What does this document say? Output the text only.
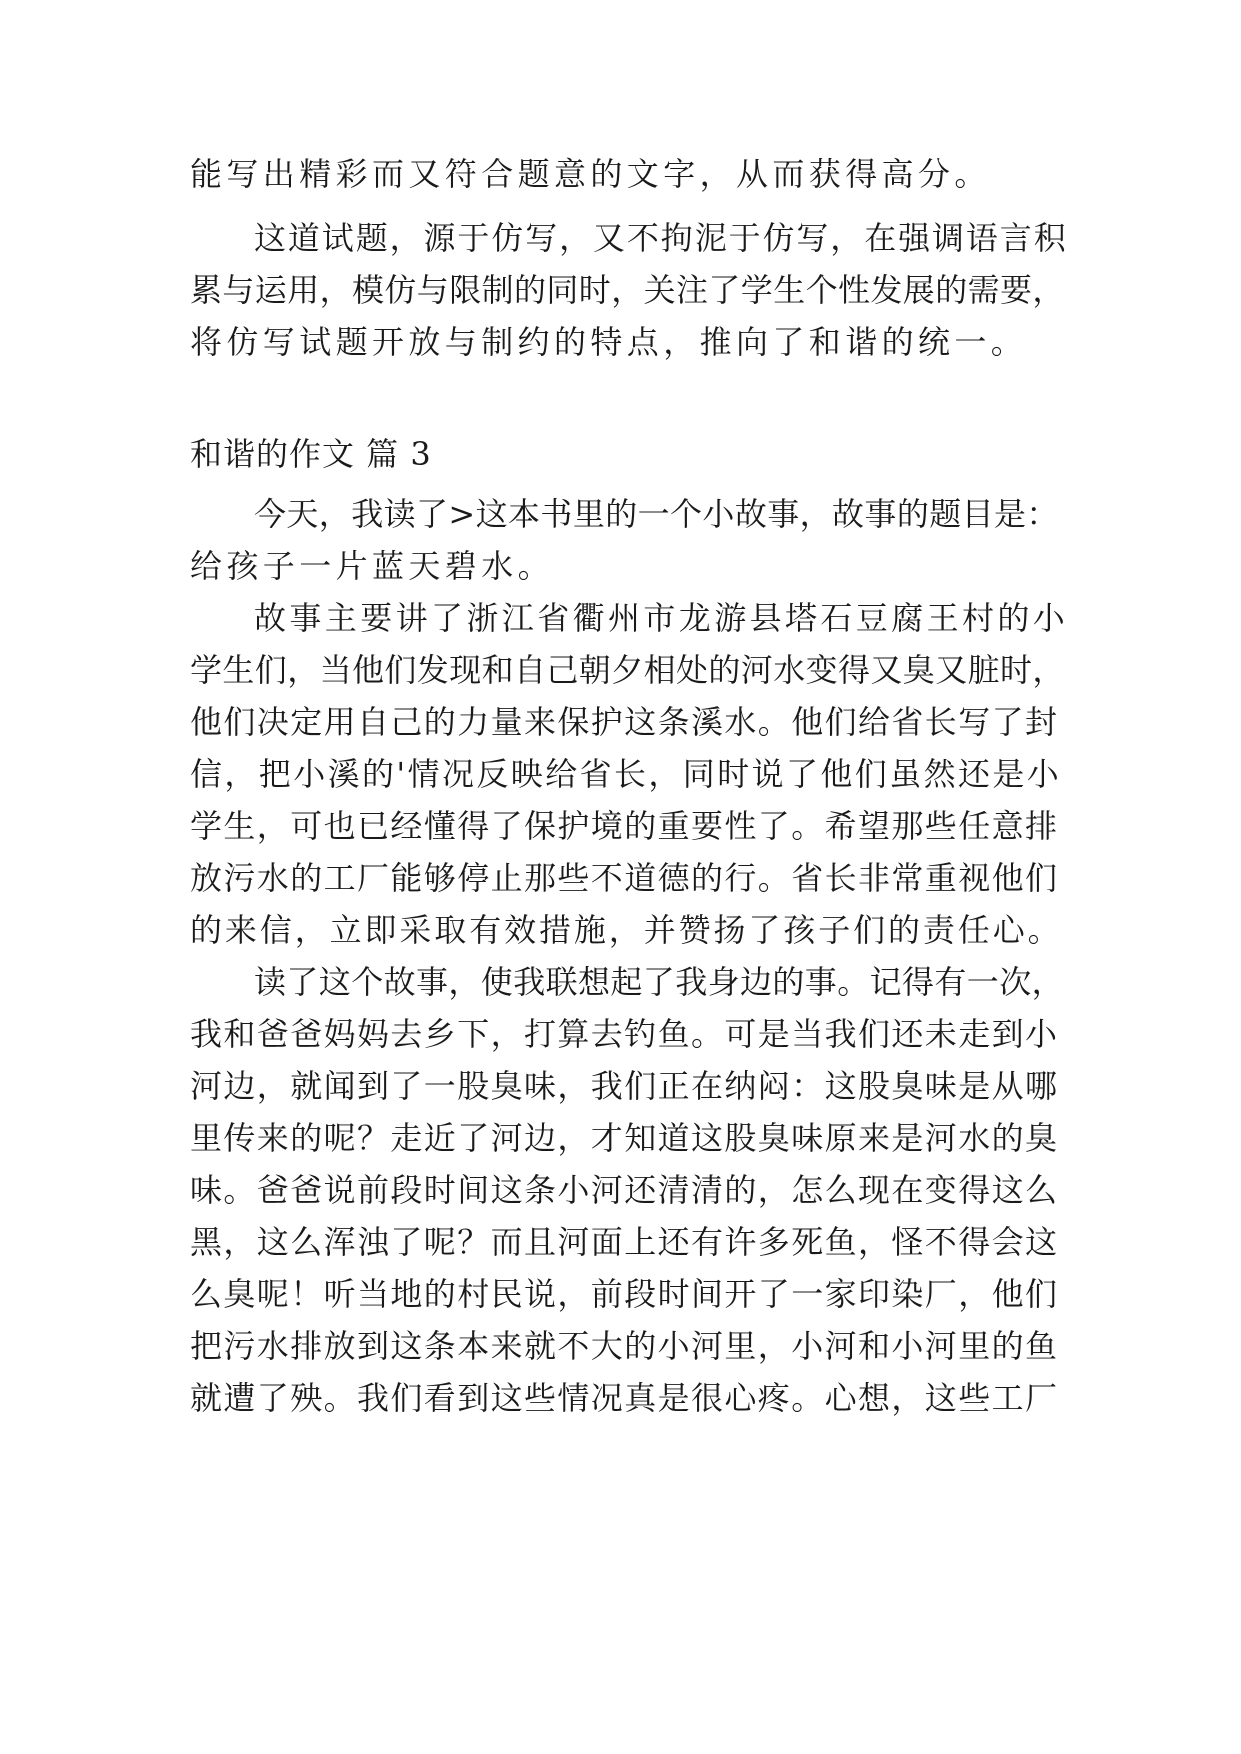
能写出精彩而又符合题意的文字，从而获得高分。
这道试题，源于仿写，又不拘泥于仿写，在强调语言积
累与运用，模仿与限制的同时，关注了学生个性发展的需要，
将仿写试题开放与制约的特点，推向了和谐的统一。
和谐的作文 篇 3
今天，我读了>这本书里的一个小故事，故事的题目是：
给孩子一片蓝天碧水。
故事主要讲了浙江省衢州市龙游县塔石豆腐王村的小
学生们，当他们发现和自己朝夕相处的河水变得又臭又脏时，
他们决定用自己的力量来保护这条溪水。他们给省长写了封
信，把小溪的'情况反映给省长，同时说了他们虽然还是小
学生，可也已经懂得了保护境的重要性了。希望那些任意排
放污水的工厂能够停止那些不道德的行。省长非常重视他们
的来信，立即采取有效措施，并赞扬了孩子们的责任心。
读了这个故事，使我联想起了我身边的事。记得有一次，
我和爸爸妈妈去乡下，打算去钓鱼。可是当我们还未走到小
河边，就闻到了一股臭味，我们正在纳闷：这股臭味是从哪
里传来的呢？走近了河边，才知道这股臭味原来是河水的臭
味。爸爸说前段时间这条小河还清清的，怎么现在变得这么
黑，这么浑浊了呢？而且河面上还有许多死鱼，怪不得会这
么臭呢！听当地的村民说，前段时间开了一家印染厂，他们
把污水排放到这条本来就不大的小河里，小河和小河里的鱼
就遭了殃。我们看到这些情况真是很心疼。心想，这些工厂
